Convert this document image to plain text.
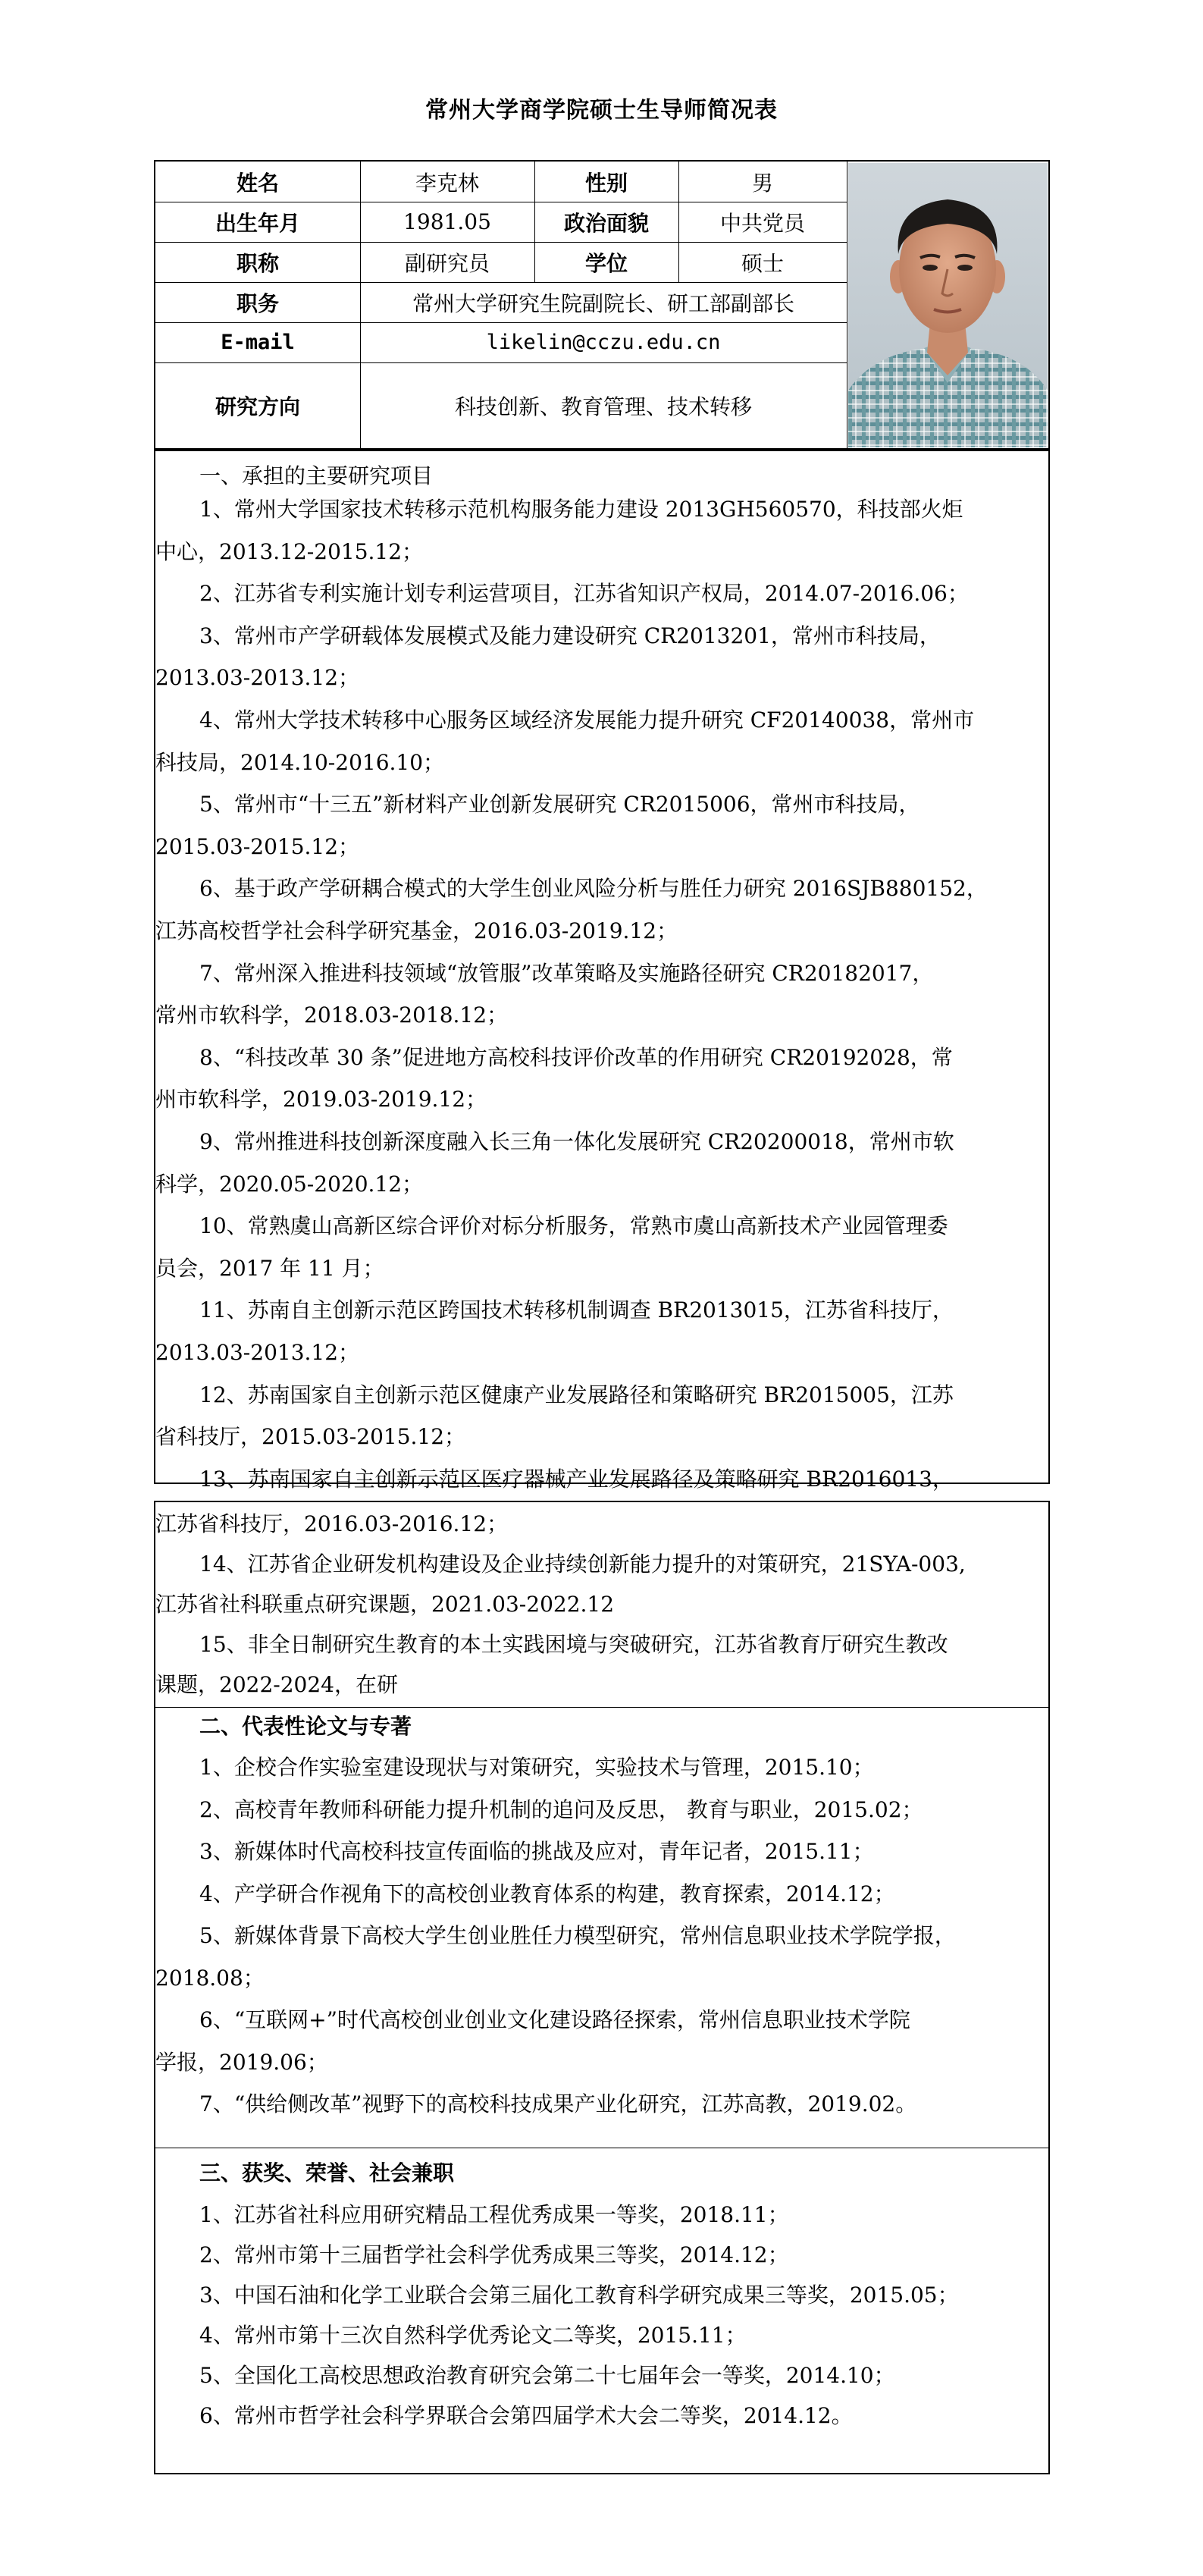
常州大学商学院硕士生导师简况表
姓名	李克林	性别	男
出生年月	1981.05	政治面貌	中共党员
职称	副研究员	学位	硕士
职务	常州大学研究生院副院长、研工部副部长
E-mail	likelin@cczu.edu.cn
研究方向	科技创新、教育管理、技术转移
一、承担的主要研究项目
1、常州大学国家技术转移示范机构服务能力建设 2013GH560570，科技部火炬
中心，2013.12-2015.12；
2、江苏省专利实施计划专利运营项目，江苏省知识产权局，2014.07-2016.06；
3、常州市产学研载体发展模式及能力建设研究 CR2013201，常州市科技局，
2013.03-2013.12；
4、常州大学技术转移中心服务区域经济发展能力提升研究 CF20140038，常州市
科技局，2014.10-2016.10；
5、常州市“十三五”新材料产业创新发展研究 CR2015006，常州市科技局，
2015.03-2015.12；
6、基于政产学研耦合模式的大学生创业风险分析与胜任力研究 2016SJB880152，
江苏高校哲学社会科学研究基金，2016.03-2019.12；
7、常州深入推进科技领域“放管服”改革策略及实施路径研究 CR20182017，
常州市软科学，2018.03-2018.12；
8、“科技改革 30 条”促进地方高校科技评价改革的作用研究 CR20192028，常
州市软科学，2019.03-2019.12；
9、常州推进科技创新深度融入长三角一体化发展研究 CR20200018，常州市软
科学，2020.05-2020.12；
10、常熟虞山高新区综合评价对标分析服务，常熟市虞山高新技术产业园管理委
员会，2017 年 11 月；
11、苏南自主创新示范区跨国技术转移机制调查 BR2013015，江苏省科技厅，
2013.03-2013.12；
12、苏南国家自主创新示范区健康产业发展路径和策略研究 BR2015005，江苏
省科技厅，2015.03-2015.12；
13、苏南国家自主创新示范区医疗器械产业发展路径及策略研究 BR2016013，
江苏省科技厅，2016.03-2016.12；
14、江苏省企业研发机构建设及企业持续创新能力提升的对策研究，21SYA-003,
江苏省社科联重点研究课题，2021.03-2022.12
15、非全日制研究生教育的本土实践困境与突破研究，江苏省教育厅研究生教改
课题，2022-2024，在研
二、代表性论文与专著
1、企校合作实验室建设现状与对策研究，实验技术与管理，2015.10；
2、高校青年教师科研能力提升机制的追问及反思， 教育与职业，2015.02；
3、新媒体时代高校科技宣传面临的挑战及应对，青年记者，2015.11；
4、产学研合作视角下的高校创业教育体系的构建，教育探索，2014.12；
5、新媒体背景下高校大学生创业胜任力模型研究，常州信息职业技术学院学报，
2018.08；
6、“互联网+”时代高校创业创业文化建设路径探索，常州信息职业技术学院
学报，2019.06；
7、“供给侧改革”视野下的高校科技成果产业化研究，江苏高教，2019.02。
三、获奖、荣誉、社会兼职
1、江苏省社科应用研究精品工程优秀成果一等奖，2018.11；
2、常州市第十三届哲学社会科学优秀成果三等奖，2014.12；
3、中国石油和化学工业联合会第三届化工教育科学研究成果三等奖，2015.05；
4、常州市第十三次自然科学优秀论文二等奖，2015.11；
5、全国化工高校思想政治教育研究会第二十七届年会一等奖，2014.10；
6、常州市哲学社会科学界联合会第四届学术大会二等奖，2014.12。
